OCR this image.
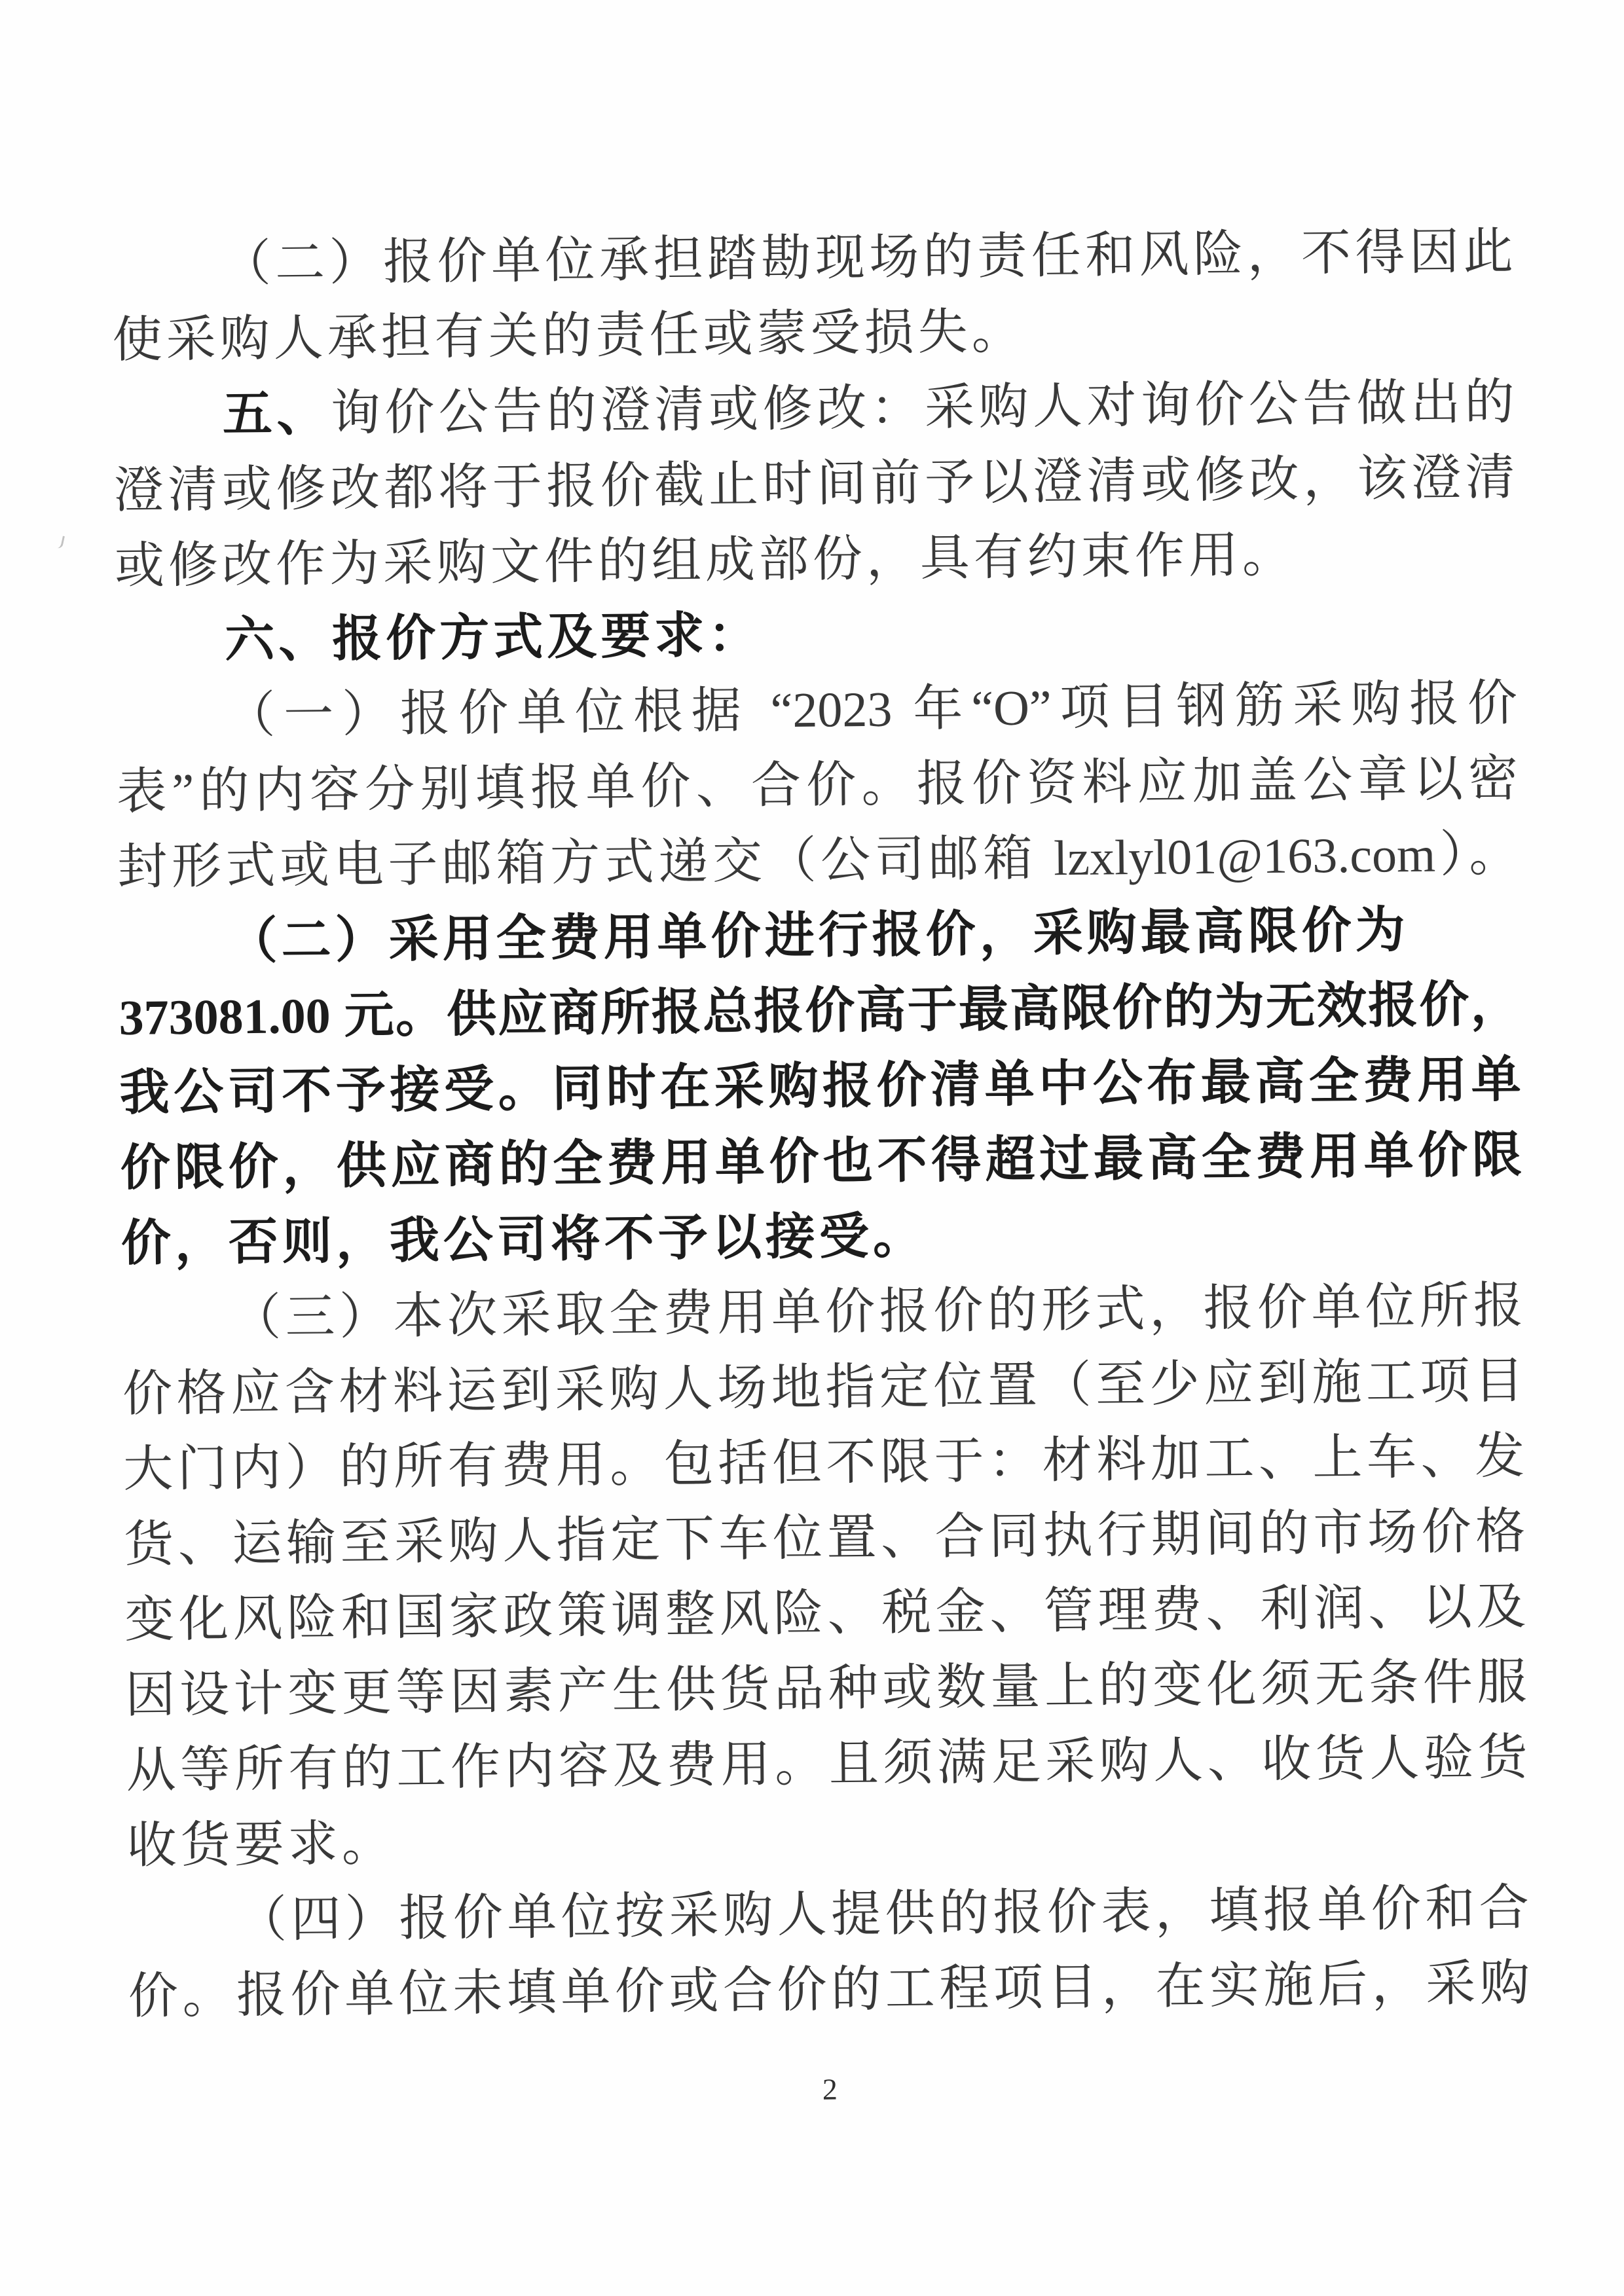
（二）报价单位承担踏勘现场的责任和风险，不得因此
使采购人承担有关的责任或蒙受损失。
五、询价公告的澄清或修改：采购人对询价公告做出的
澄清或修改都将于报价截止时间前予以澄清或修改，该澄清
或修改作为采购文件的组成部份，具有约束作用。
六、报价方式及要求：
（一）报价单位根据 “2023 年“O”项目钢筋采购报价
表”的内容分别填报单价、合价。报价资料应加盖公章以密
封形式或电子邮箱方式递交（公司邮箱 lzxlyl01@163.com）。
（二）采用全费用单价进行报价，采购最高限价为
373081.00 元。供应商所报总报价高于最高限价的为无效报价，
我公司不予接受。同时在采购报价清单中公布最高全费用单
价限价，供应商的全费用单价也不得超过最高全费用单价限
价，否则，我公司将不予以接受。
（三）本次采取全费用单价报价的形式，报价单位所报
价格应含材料运到采购人场地指定位置（至少应到施工项目
大门内）的所有费用。包括但不限于：材料加工、上车、发
货、运输至采购人指定下车位置、合同执行期间的市场价格
变化风险和国家政策调整风险、税金、管理费、利润、以及
因设计变更等因素产生供货品种或数量上的变化须无条件服
从等所有的工作内容及费用。且须满足采购人、收货人验货
收货要求。
（四）报价单位按采购人提供的报价表，填报单价和合
价。报价单位未填单价或合价的工程项目，在实施后，采购
2
